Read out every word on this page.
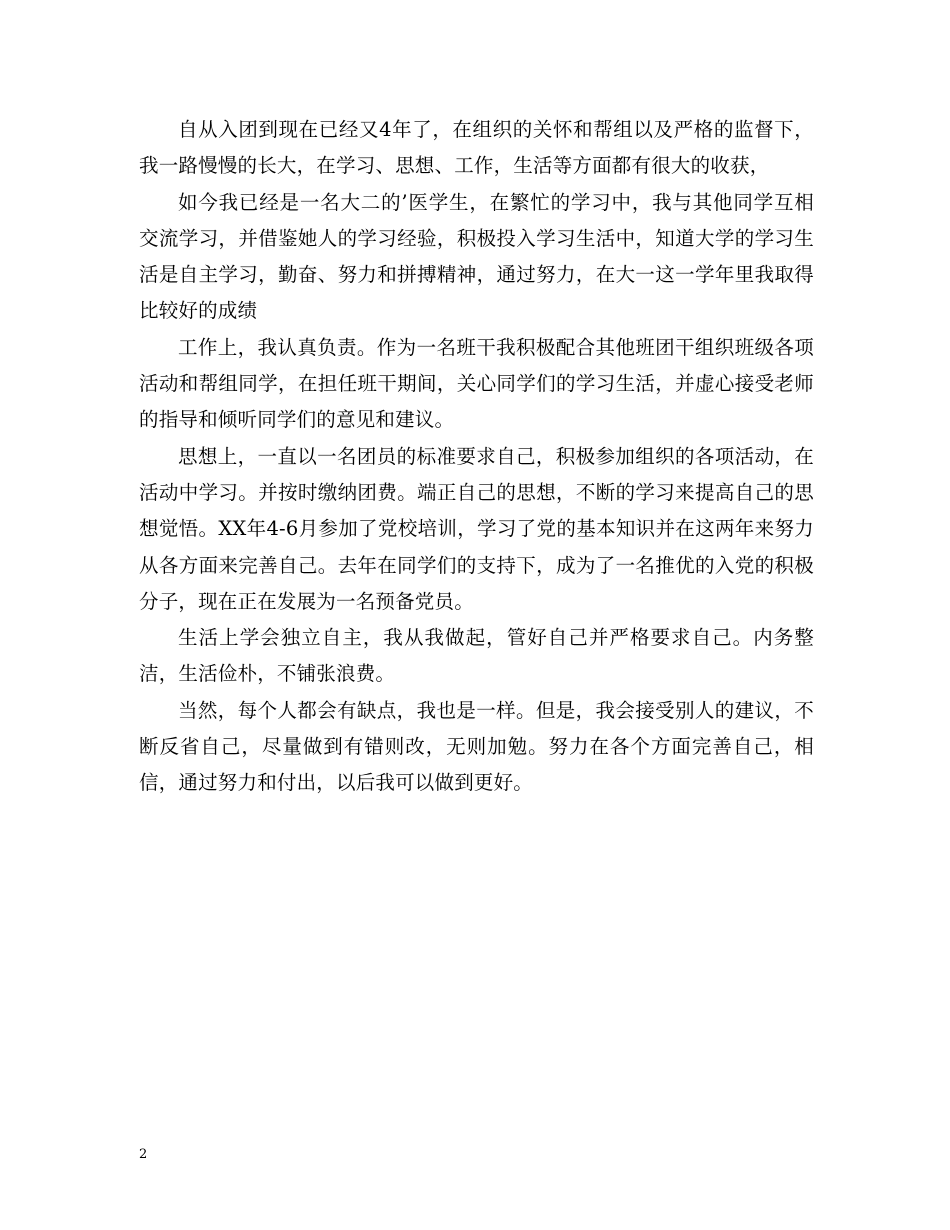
自从入团到现在已经又4年了，在组织的关怀和帮组以及严格的监督下，我一路慢慢的长大，在学习、思想、工作，生活等方面都有很大的收获，

如今我已经是一名大二的’医学生，在繁忙的学习中，我与其他同学互相交流学习，并借鉴她人的学习经验，积极投入学习生活中，知道大学的学习生活是自主学习，勤奋、努力和拼搏精神，通过努力，在大一这一学年里我取得比较好的成绩

工作上，我认真负责。作为一名班干我积极配合其他班团干组织班级各项活动和帮组同学，在担任班干期间，关心同学们的学习生活，并虚心接受老师的指导和倾听同学们的意见和建议。

思想上，一直以一名团员的标准要求自己，积极参加组织的各项活动，在活动中学习。并按时缴纳团费。端正自己的思想，不断的学习来提高自己的思想觉悟。XX年4-6月参加了党校培训，学习了党的基本知识并在这两年来努力从各方面来完善自己。去年在同学们的支持下，成为了一名推优的入党的积极分子，现在正在发展为一名预备党员。

生活上学会独立自主，我从我做起，管好自己并严格要求自己。内务整洁，生活俭朴，不铺张浪费。

当然，每个人都会有缺点，我也是一样。但是，我会接受别人的建议，不断反省自己，尽量做到有错则改，无则加勉。努力在各个方面完善自己，相信，通过努力和付出，以后我可以做到更好。

2
